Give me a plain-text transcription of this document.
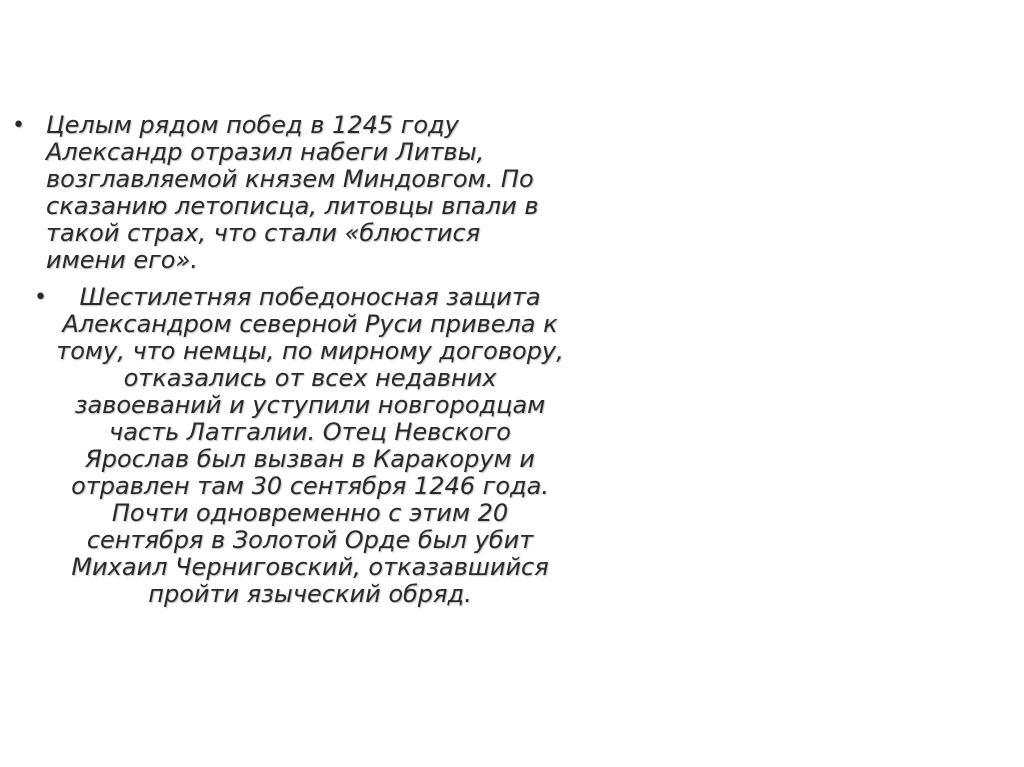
• Целым рядом побед в 1245 году
Александр отразил набеги Литвы,
возглавляемой князем Миндовгом. По
сказанию летописца, литовцы впали в
такой страх, что стали «блюстися
имени его».
•	Шестилетняя победоносная защита
Александром северной Руси привела к
тому, что немцы, по мирному договору,
отказались от всех недавних
завоеваний и уступили новгородцам
часть Латгалии. Отец Невского
Ярослав был вызван в Каракорум и
отравлен там 30 сентября 1246 года.
Почти одновременно с этим 20
сентября в Золотой Орде был убит
Михаил Черниговский, отказавшийся
пройти языческий обряд.
